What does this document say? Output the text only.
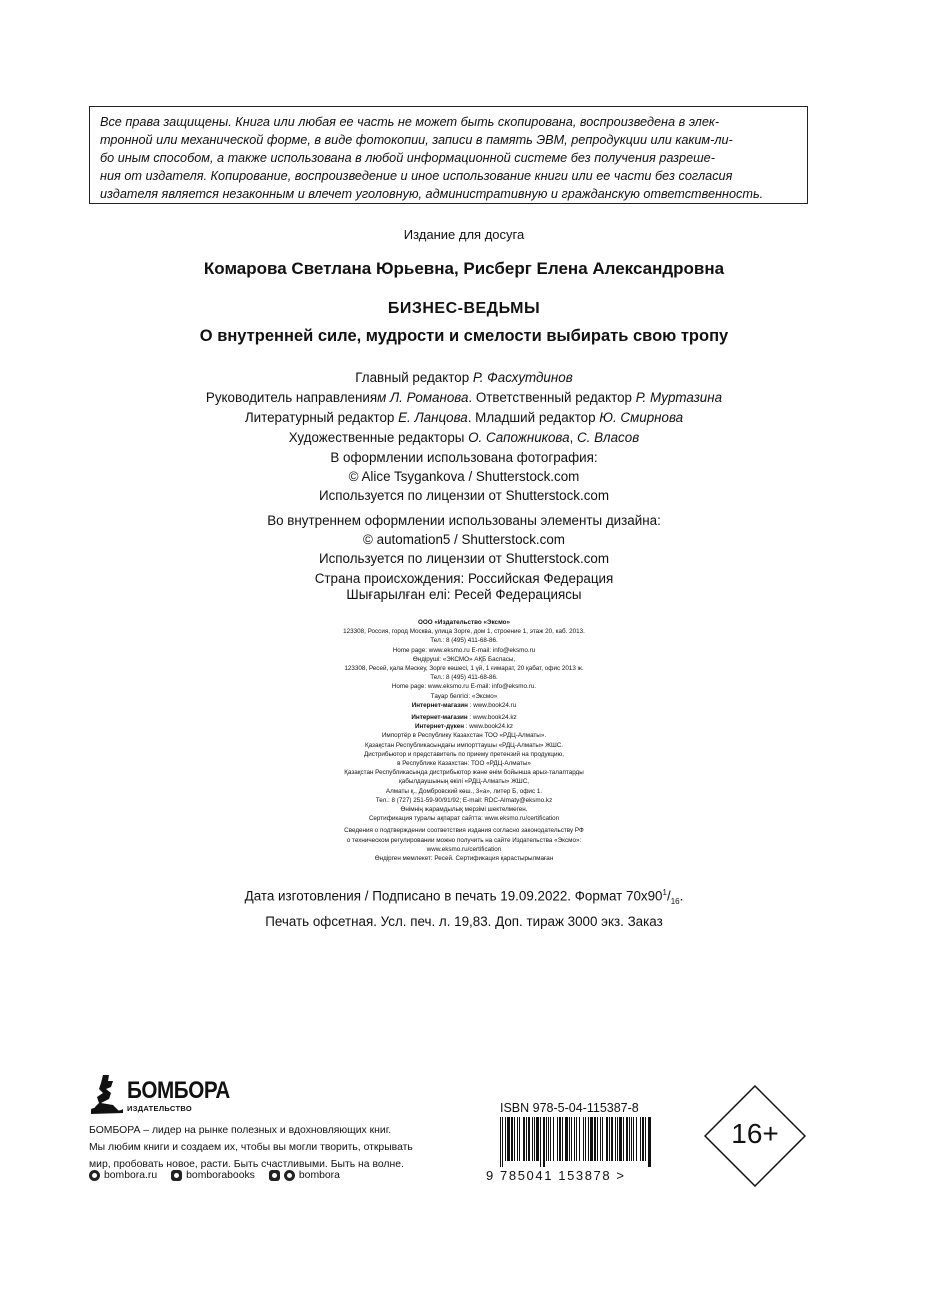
Все права защищены. Книга или любая ее часть не может быть скопирована, воспроизведена в элек-

тронной или механической форме, в виде фотокопии, записи в память ЭВМ, репродукции или каким-ли-

бо иным способом, а также использована в любой информационной системе без получения разреше-

ния от издателя. Копирование, воспроизведение и иное использование книги или ее части без согласия

издателя является незаконным и влечет уголовную, административную и гражданскую ответственность.

Издание для досуга
Комарова Светлана Юрьевна, Рисберг Елена Александровна
БИЗНЕС-ВЕДЬМЫ
О внутренней силе, мудрости и смелости выбирать свою тропу
Главный редактор Р. Фасхутдинов
Руководитель направлениям Л. Романова. Ответственный редактор Р. Муртазина
Литературный редактор Е. Ланцова. Младший редактор Ю. Смирнова
Художественные редакторы О. Сапожникова, С. Власов
В оформлении использована фотография:
© Alice Tsygankova / Shutterstock.com
Используется по лицензии от Shutterstock.com
Во внутреннем оформлении использованы элементы дизайна:
© automation5 / Shutterstock.com
Используется по лицензии от Shutterstock.com
Страна происхождения: Российская Федерация
Шығарылған елі: Ресей Федерациясы
ООО «Издательство «Эксмо»
123308, Россия, город Москва, улица Зорге, дом 1, строение 1, этаж 20, каб. 2013.
Тел.: 8 (495) 411-68-86.
Home page: www.eksmo.ru E-mail: info@eksmo.ru
Өндіруші: «ЭКСМО» АҚБ Баспасы,
123308, Ресей, қала Мәскеу, Зорге көшесі, 1 үй, 1 ғимарат, 20 қабат, офис 2013 ж.
Тел.: 8 (495) 411-68-86.
Home page: www.eksmo.ru E-mail: info@eksmo.ru.
Тауар белгісі: «Эксмо»
Интернет-магазин : www.book24.ru
Интернет-магазин : www.book24.kz
Интернет-дүкен : www.book24.kz
Импортёр в Республику Казахстан ТОО «РДЦ-Алматы».
Қазақстан Республикасындағы импорттаушы «РДЦ-Алматы» ЖШС.
Дистрибьютор и представитель по приему претензий на продукцию,
в Республике Казахстан: ТОО «РДЦ-Алматы»
Қазақстан Республикасында дистрибьютор және өнім бойынша арыз-талаптарды
қабылдаушының өкілі «РДЦ-Алматы» ЖШС,
Алматы қ., Домбровский көш., 3«а», литер Б, офис 1.
Тел.: 8 (727) 251-59-90/91/92; E-mail: RDC-Almaty@eksmo.kz
Өнімнің жарамдылық мерзімі шектелмеген.
Сертификация туралы ақпарат сайтта: www.eksmo.ru/certification
Сведения о подтверждении соответствия издания согласно законодательству РФ
о техническом регулировании можно получить на сайте Издательства «Эксмо»:
www.eksmo.ru/certification
Өндірген мемлекет: Ресей. Сертификация қарастырылмаған
Дата изготовления / Подписано в печать 19.09.2022. Формат $70x90^1/_{16}$.
Печать офсетная. Усл. печ. л. 19,83. Доп. тираж 3000 экз. Заказ
БОМБОРА
ИЗДАТЕЛЬСТВО

БОМБОРА – лидер на рынке полезных и вдохновляющих книг.

Мы любим книги и создаем их, чтобы вы могли творить, открывать

мир, пробовать новое, расти. Быть счастливыми. Быть на волне.

bombora.ru	bomborabooks	bombora
ISBN 978-5-04-115387-8
9 785041 153878 >
16+
